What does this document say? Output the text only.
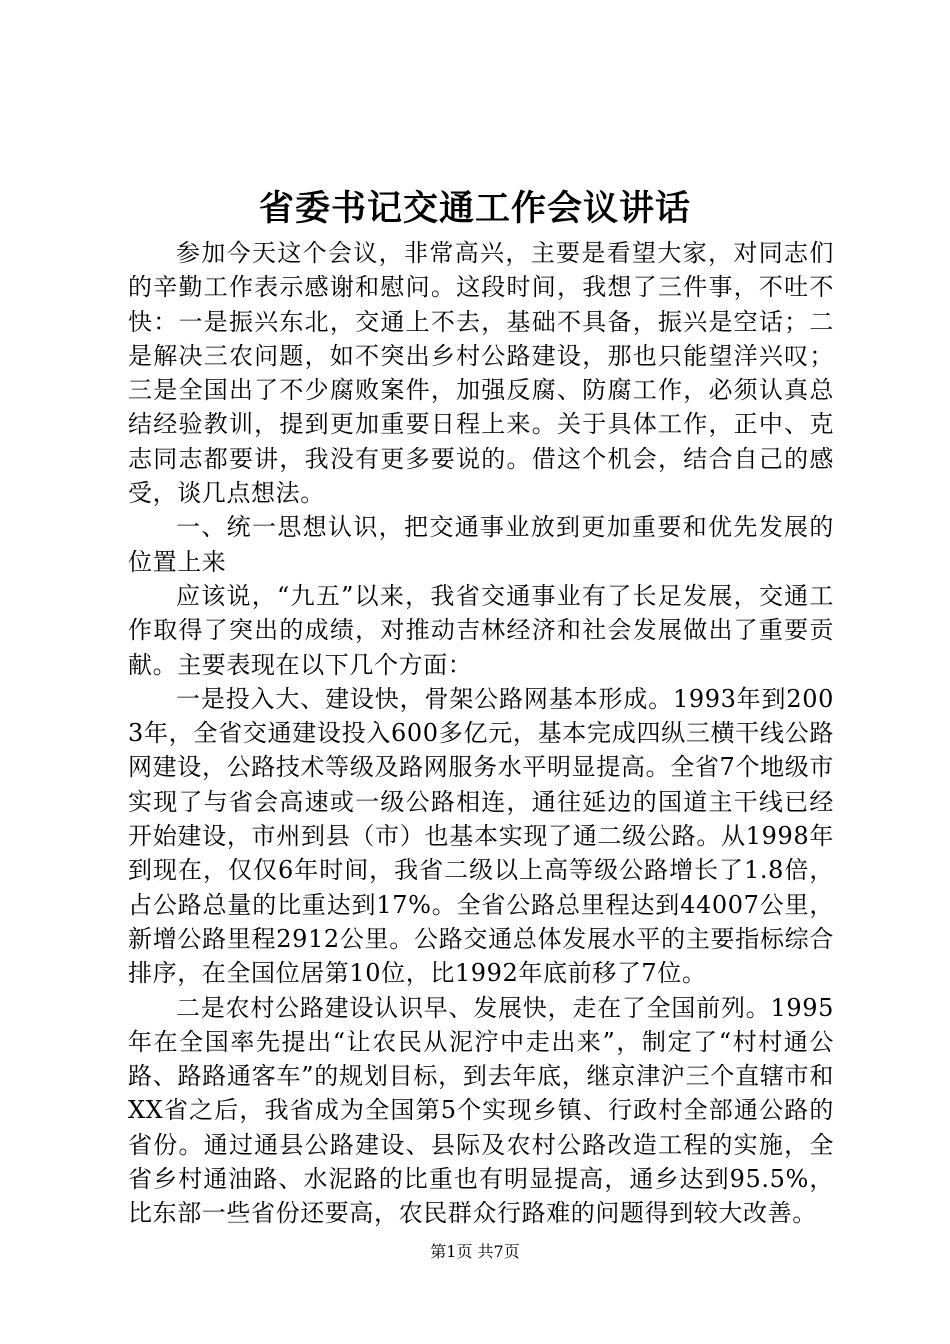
省委书记交通工作会议讲话

参加今天这个会议，非常高兴，主要是看望大家，对同志们的辛勤工作表示感谢和慰问。这段时间，我想了三件事，不吐不快：一是振兴东北，交通上不去，基础不具备，振兴是空话；二是解决三农问题，如不突出乡村公路建设，那也只能望洋兴叹；三是全国出了不少腐败案件，加强反腐、防腐工作，必须认真总结经验教训，提到更加重要日程上来。关于具体工作，正中、克志同志都要讲，我没有更多要说的。借这个机会，结合自己的感受，谈几点想法。

一、统一思想认识，把交通事业放到更加重要和优先发展的位置上来

应该说，“九五”以来，我省交通事业有了长足发展，交通工作取得了突出的成绩，对推动吉林经济和社会发展做出了重要贡献。主要表现在以下几个方面：

一是投入大、建设快，骨架公路网基本形成。1993年到2003年，全省交通建设投入600多亿元，基本完成四纵三横干线公路网建设，公路技术等级及路网服务水平明显提高。全省7个地级市实现了与省会高速或一级公路相连，通往延边的国道主干线已经开始建设，市州到县（市）也基本实现了通二级公路。从1998年到现在，仅仅6年时间，我省二级以上高等级公路增长了1.8倍，占公路总量的比重达到17%。全省公路总里程达到44007公里，新增公路里程2912公里。公路交通总体发展水平的主要指标综合排序，在全国位居第10位，比1992年底前移了7位。

二是农村公路建设认识早、发展快，走在了全国前列。1995年在全国率先提出“让农民从泥泞中走出来”，制定了“村村通公路、路路通客车”的规划目标，到去年底，继京津沪三个直辖市和XX省之后，我省成为全国第5个实现乡镇、行政村全部通公路的省份。通过通县公路建设、县际及农村公路改造工程的实施，全省乡村通油路、水泥路的比重也有明显提高，通乡达到95.5%，比东部一些省份还要高，农民群众行路难的问题得到较大改善。

第1页 共7页
